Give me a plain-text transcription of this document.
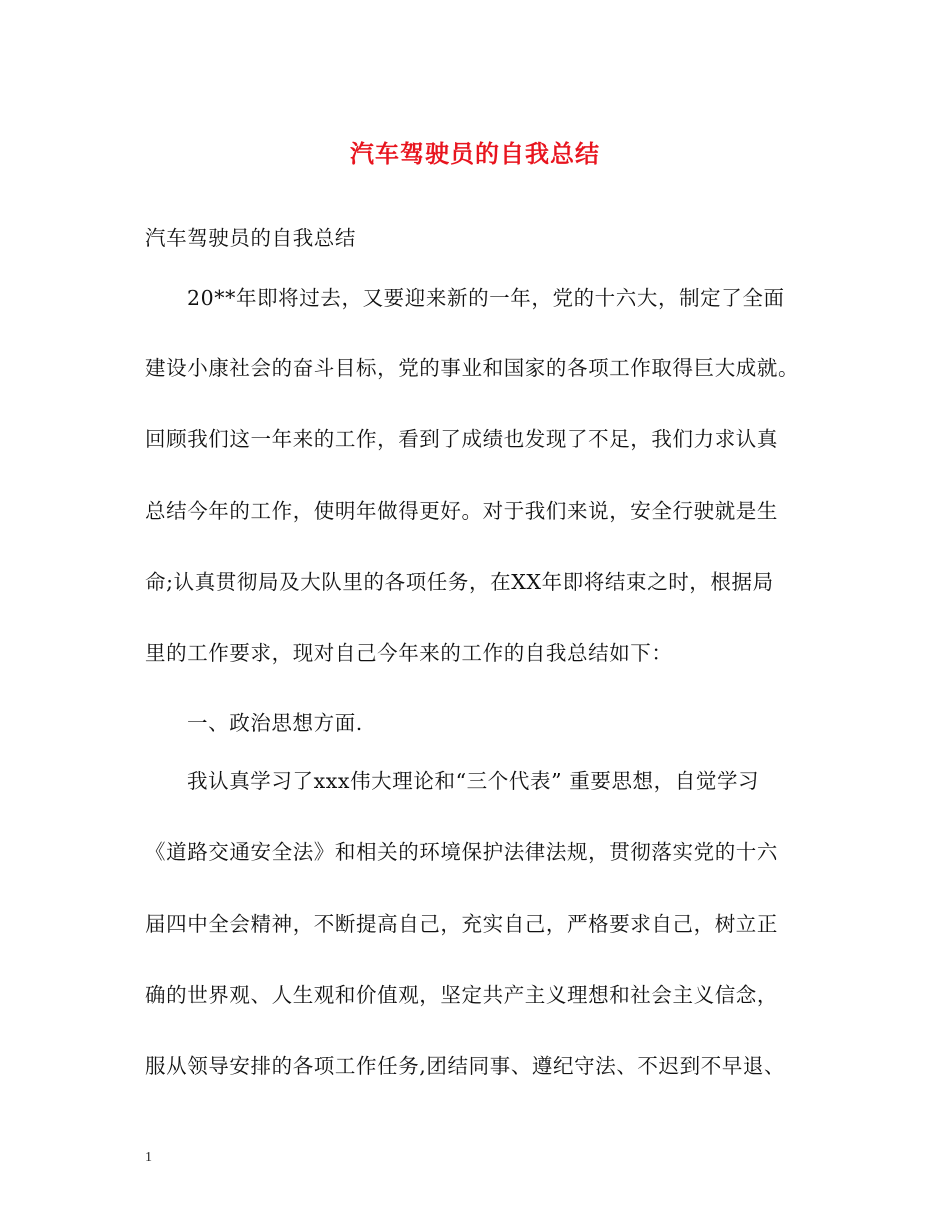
汽车驾驶员的自我总结
汽车驾驶员的自我总结
20**年即将过去，又要迎来新的一年，党的十六大，制定了全面
建设小康社会的奋斗目标，党的事业和国家的各项工作取得巨大成就。
回顾我们这一年来的工作，看到了成绩也发现了不足，我们力求认真
总结今年的工作，使明年做得更好。对于我们来说，安全行驶就是生
命;认真贯彻局及大队里的各项任务，在XX年即将结束之时，根据局
里的工作要求，现对自己今年来的工作的自我总结如下：
一、政治思想方面.
我认真学习了xxx伟大理论和“三个代表” 重要思想，自觉学习
《道路交通安全法》和相关的环境保护法律法规，贯彻落实党的十六
届四中全会精神，不断提高自己，充实自己，严格要求自己，树立正
确的世界观、人生观和价值观，坚定共产主义理想和社会主义信念，
服从领导安排的各项工作任务,团结同事、遵纪守法、不迟到不早退、
1
